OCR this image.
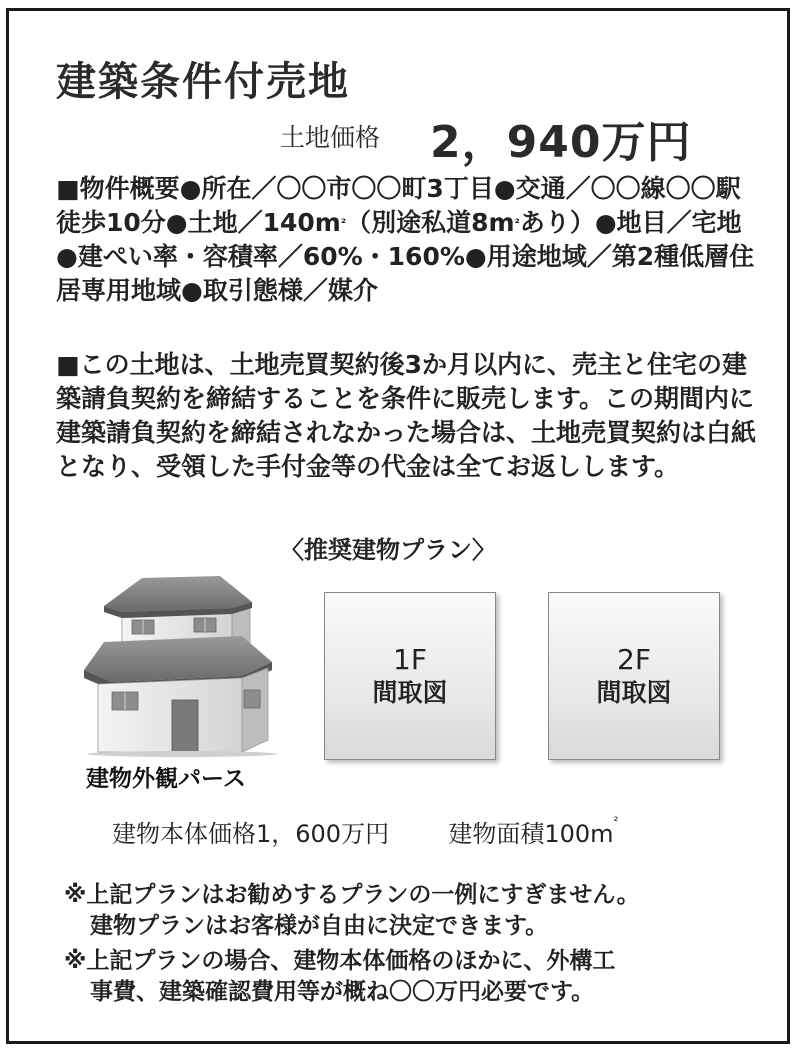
建築条件付売地
土地価格 2，940万円
■物件概要●所在／〇〇市〇〇町3丁目●交通／〇〇線〇〇駅徒歩10分●土地$/140m^{^2}$（別途私道$8m^{^2}$あり）●地目／宅地●建ぺい率・容積率／60%・160%●用途地域／第2種低層住居専用地域●取引態様／媒介
■この土地は、土地売買契約後3か月以内に、売主と住宅の建築請負契約を締結することを条件に販売します。この期間内に建築請負契約を締結されなかった場合は、土地売買契約は白紙となり、受領した手付金等の代金は全てお返しします。
〈推奨建物プラン〉
建物外観パース
1F
間取図
2F
間取図
建物本体価格1，600万円 建物面積100m²
※上記プランはお勧めするプランの一例にすぎません。
建物プランはお客様が自由に決定できます。
※上記プランの場合、建物本体価格のほかに、外構工
事費、建築確認費用等が概ね〇〇万円必要です。
